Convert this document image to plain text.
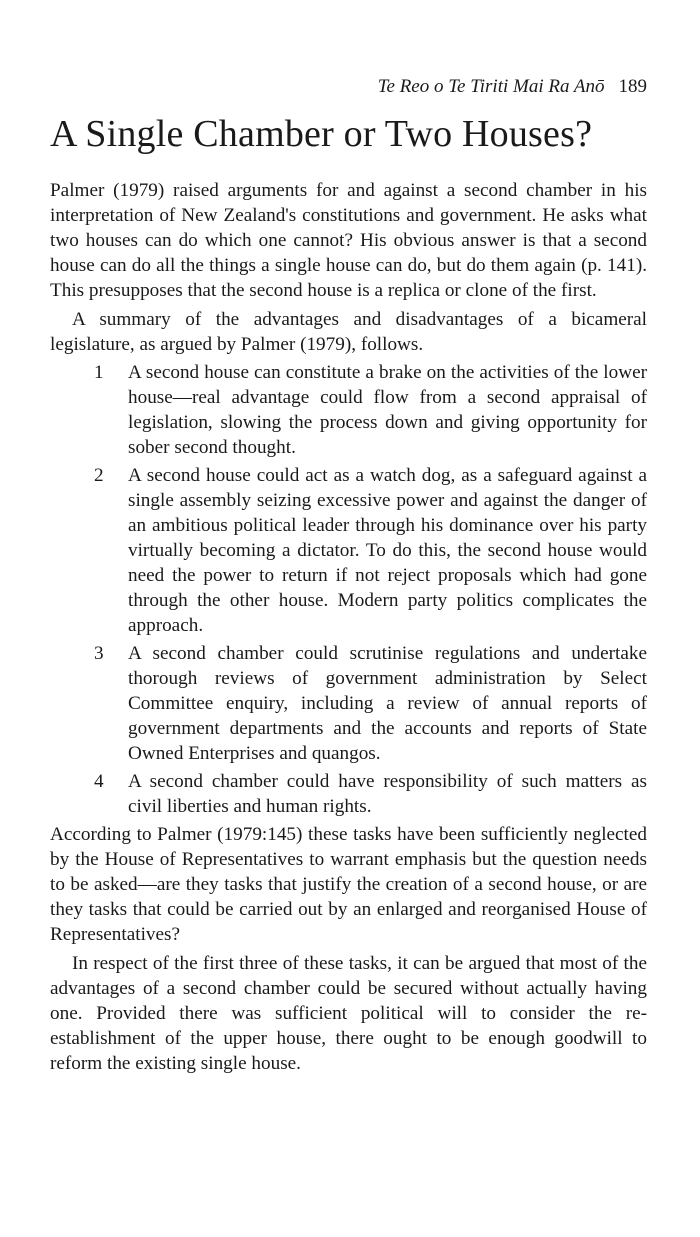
Te Reo o Te Tiriti Mai Ra Anō 189
A Single Chamber or Two Houses?

Palmer (1979) raised arguments for and against a second chamber in his interpretation of New Zealand's constitutions and government. He asks what two houses can do which one cannot? His obvious answer is that a second house can do all the things a single house can do, but do them again (p. 141). This presupposes that the second house is a replica or clone of the first.

A summary of the advantages and disadvantages of a bicameral legislature, as argued by Palmer (1979), follows.

1 A second house can constitute a brake on the activities of the lower house—real advantage could flow from a second appraisal of legislation, slowing the process down and giving opportunity for sober second thought.
2 A second house could act as a watch dog, as a safeguard against a single assembly seizing excessive power and against the danger of an ambitious political leader through his dominance over his party virtually becoming a dictator. To do this, the second house would need the power to return if not reject proposals which had gone through the other house. Modern party politics complicates the approach.
3 A second chamber could scrutinise regulations and undertake thorough reviews of government administration by Select Committee enquiry, including a review of annual reports of government departments and the accounts and reports of State Owned Enterprises and quangos.
4 A second chamber could have responsibility of such matters as civil liberties and human rights.

According to Palmer (1979:145) these tasks have been sufficiently neglected by the House of Representatives to warrant emphasis but the question needs to be asked—are they tasks that justify the creation of a second house, or are they tasks that could be carried out by an enlarged and reorganised House of Representatives?

In respect of the first three of these tasks, it can be argued that most of the advantages of a second chamber could be secured without actually having one. Provided there was sufficient political will to consider the re-establishment of the upper house, there ought to be enough goodwill to reform the existing single house.
